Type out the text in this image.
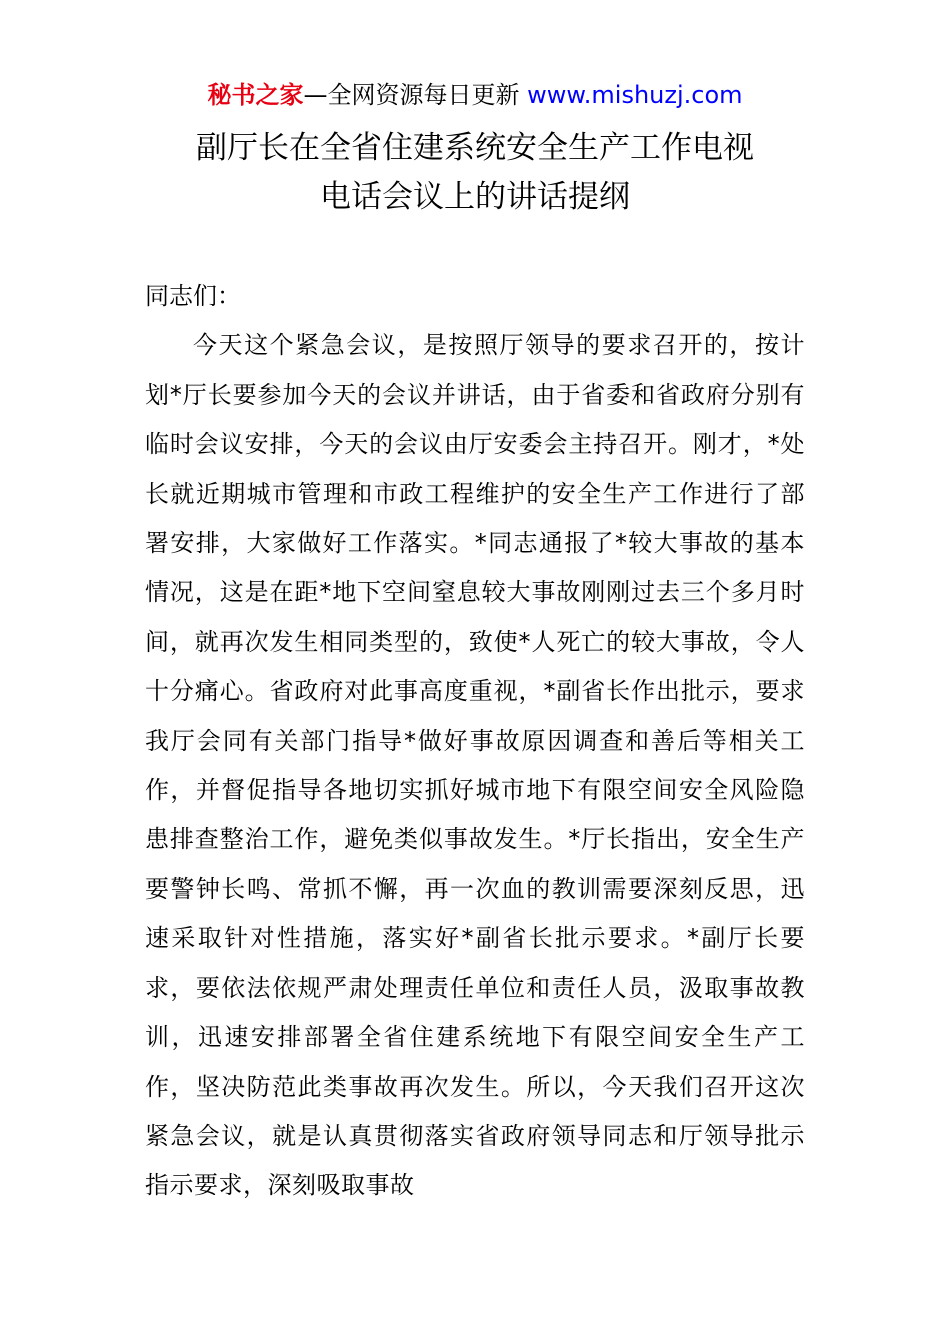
秘书之家—全网资源每日更新 www.mishuzj.com
副厅长在全省住建系统安全生产工作电视
电话会议上的讲话提纲
同志们：

今天这个紧急会议，是按照厅领导的要求召开的，按计划*厅长要参加今天的会议并讲话，由于省委和省政府分别有临时会议安排，今天的会议由厅安委会主持召开。刚才，*处长就近期城市管理和市政工程维护的安全生产工作进行了部署安排，大家做好工作落实。*同志通报了*较大事故的基本情况，这是在距*地下空间窒息较大事故刚刚过去三个多月时间，就再次发生相同类型的，致使*人死亡的较大事故，令人十分痛心。省政府对此事高度重视，*副省长作出批示，要求我厅会同有关部门指导*做好事故原因调查和善后等相关工作，并督促指导各地切实抓好城市地下有限空间安全风险隐患排查整治工作，避免类似事故发生。*厅长指出，安全生产要警钟长鸣、常抓不懈，再一次血的教训需要深刻反思，迅速采取针对性措施，落实好*副省长批示要求。*副厅长要求，要依法依规严肃处理责任单位和责任人员，汲取事故教训，迅速安排部署全省住建系统地下有限空间安全生产工作，坚决防范此类事故再次发生。所以，今天我们召开这次紧急会议，就是认真贯彻落实省政府领导同志和厅领导批示指示要求，深刻吸取事故
